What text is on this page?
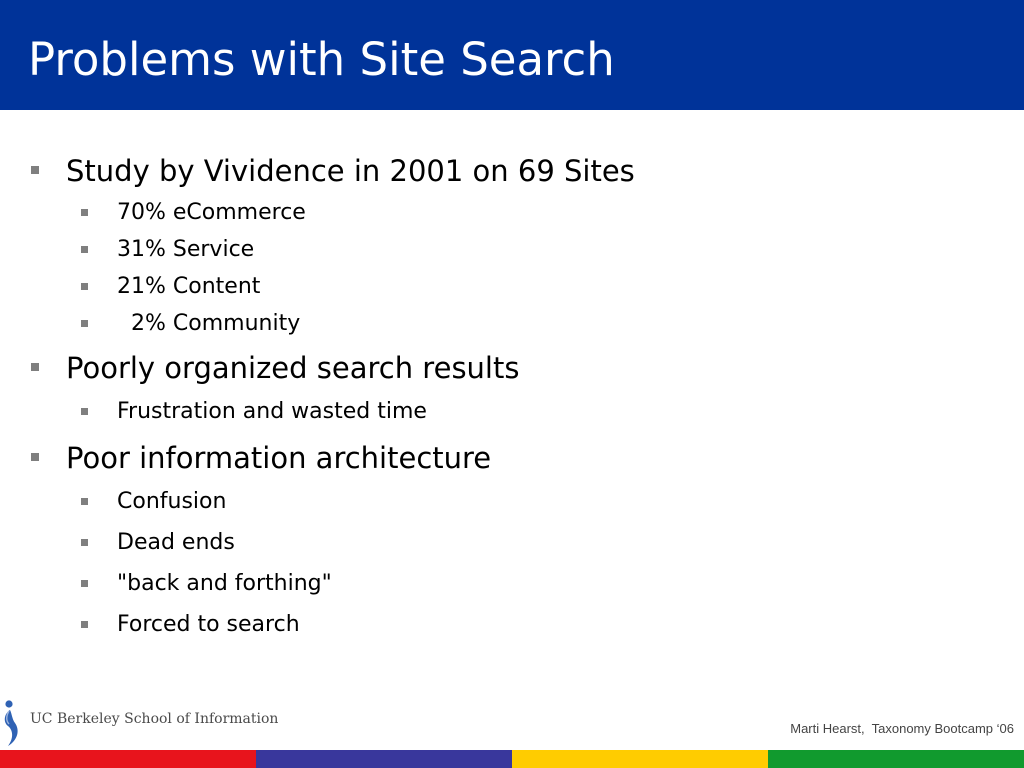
Problems with Site Search
Study by Vividence in 2001 on 69 Sites
70% eCommerce
31% Service
21% Content
2% Community
Poorly organized search results
Frustration and wasted time
Poor information architecture
Confusion
Dead ends
"back and forthing"
Forced to search
UC Berkeley School of Information
Marti Hearst,  Taxonomy Bootcamp ‘06
